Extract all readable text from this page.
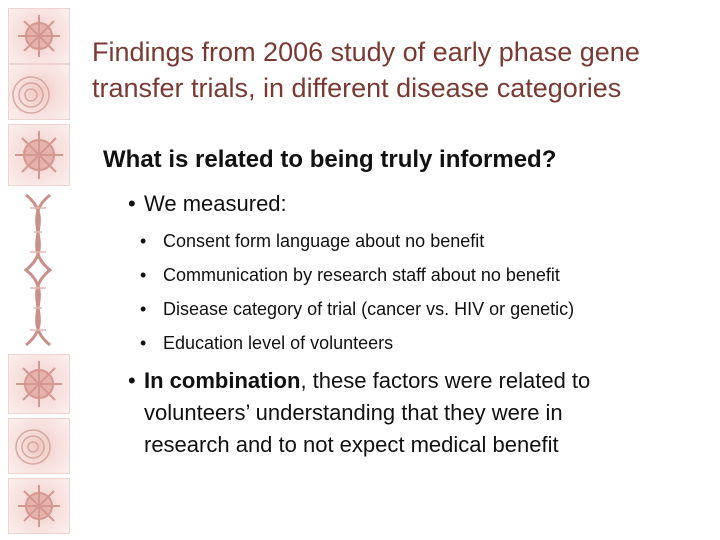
Findings from 2006 study of early phase gene
transfer trials, in different disease categories
What is related to being truly informed?
• We measured:
• Consent form language about no benefit
• Communication by research staff about no benefit
• Disease category of trial (cancer vs. HIV or genetic)
• Education level of volunteers
• In combination, these factors were related to
volunteers’ understanding that they were in
research and to not expect medical benefit
